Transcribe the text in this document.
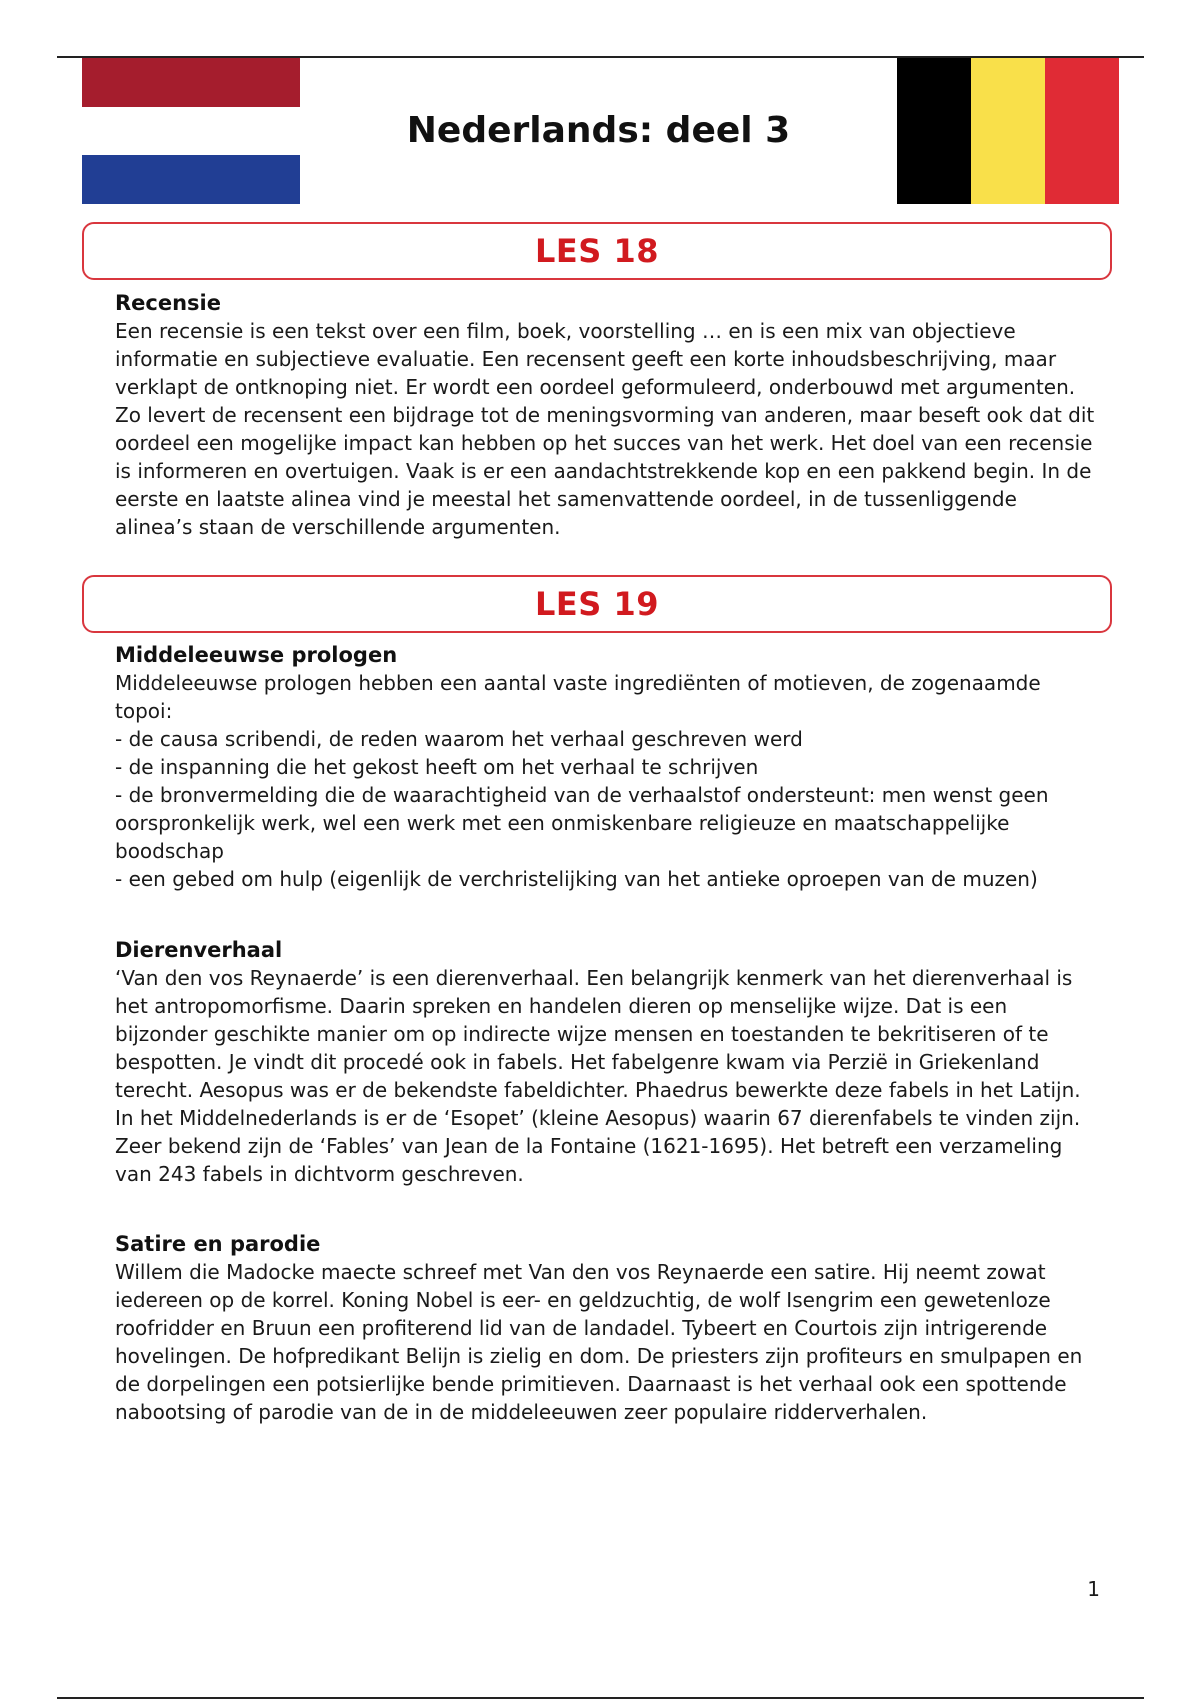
Nederlands: deel 3
LES 18
Recensie

Een recensie is een tekst over een film, boek, voorstelling … en is een mix van objectieve informatie en subjectieve evaluatie. Een recensent geeft een korte inhoudsbeschrijving, maar verklapt de ontknoping niet. Er wordt een oordeel geformuleerd, onderbouwd met argumenten. Zo levert de recensent een bijdrage tot de meningsvorming van anderen, maar beseft ook dat dit oordeel een mogelijke impact kan hebben op het succes van het werk. Het doel van een recensie is informeren en overtuigen. Vaak is er een aandachtstrekkende kop en een pakkend begin. In de eerste en laatste alinea vind je meestal het samenvattende oordeel, in de tussenliggende alinea’s staan de verschillende argumenten.

LES 19
Middeleeuwse prologen

Middeleeuwse prologen hebben een aantal vaste ingrediënten of motieven, de zogenaamde topoi:

- de causa scribendi, de reden waarom het verhaal geschreven werd

- de inspanning die het gekost heeft om het verhaal te schrijven

- de bronvermelding die de waarachtigheid van de verhaalstof ondersteunt: men wenst geen oorspronkelijk werk, wel een werk met een onmiskenbare religieuze en maatschappelijke boodschap

- een gebed om hulp (eigenlijk de verchristelijking van het antieke oproepen van de muzen)

Dierenverhaal

‘Van den vos Reynaerde’ is een dierenverhaal. Een belangrijk kenmerk van het dierenverhaal is het antropomorfisme. Daarin spreken en handelen dieren op menselijke wijze. Dat is een bijzonder geschikte manier om op indirecte wijze mensen en toestanden te bekritiseren of te bespotten. Je vindt dit procedé ook in fabels. Het fabelgenre kwam via Perzië in Griekenland terecht. Aesopus was er de bekendste fabeldichter. Phaedrus bewerkte deze fabels in het Latijn. In het Middelnederlands is er de ‘Esopet’ (kleine Aesopus) waarin 67 dierenfabels te vinden zijn. Zeer bekend zijn de ‘Fables’ van Jean de la Fontaine (1621-1695). Het betreft een verzameling van 243 fabels in dichtvorm geschreven.

Satire en parodie

Willem die Madocke maecte schreef met Van den vos Reynaerde een satire. Hij neemt zowat iedereen op de korrel. Koning Nobel is eer- en geldzuchtig, de wolf Isengrim een gewetenloze roofridder en Bruun een profiterend lid van de landadel. Tybeert en Courtois zijn intrigerende hovelingen. De hofpredikant Belijn is zielig en dom. De priesters zijn profiteurs en smulpapen en de dorpelingen een potsierlijke bende primitieven. Daarnaast is het verhaal ook een spottende nabootsing of parodie van de in de middeleeuwen zeer populaire ridderverhalen.

1
